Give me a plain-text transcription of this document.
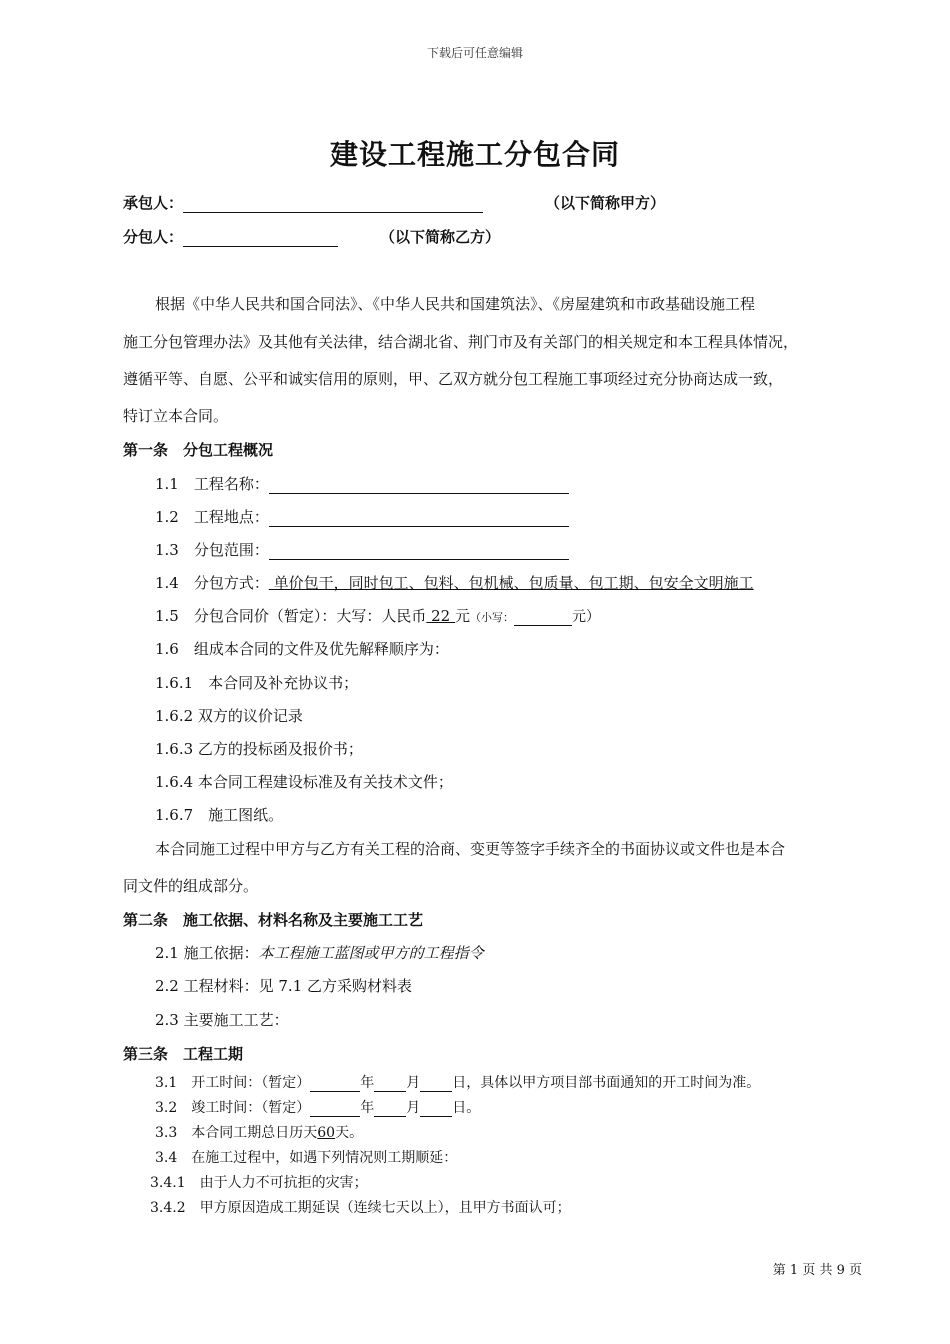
下载后可任意编辑
建设工程施工分包合同
承包人：	（以下简称甲方）
分包人：	（以下简称乙方）
根据《中华人民共和国合同法》、《中华人民共和国建筑法》、《房屋建筑和市政基础设施工程
施工分包管理办法》及其他有关法律，结合湖北省、荆门市及有关部门的相关规定和本工程具体情况，
遵循平等、自愿、公平和诚实信用的原则，甲、乙双方就分包工程施工事项经过充分协商达成一致，
特订立本合同。
第一条　分包工程概况
1.1　工程名称：
1.2　工程地点：
1.3　分包范围：
1.4　分包方式： 单价包干，同时包工、包料、包机械、包质量、包工期、包安全文明施工
1.5　分包合同价（暂定）：大写：人民币 22 元（小写：	元）
1.6　组成本合同的文件及优先解释顺序为：
1.6.1　本合同及补充协议书；
1.6.2 双方的议价记录
1.6.3 乙方的投标函及报价书；
1.6.4 本合同工程建设标准及有关技术文件；
1.6.7　施工图纸。
本合同施工过程中甲方与乙方有关工程的洽商、变更等签字手续齐全的书面协议或文件也是本合
同文件的组成部分。
第二条　施工依据、材料名称及主要施工工艺
2.1 施工依据：本工程施工蓝图或甲方的工程指令
2.2 工程材料：见 7.1 乙方采购材料表
2.3 主要施工工艺：
第三条　工程工期
3.1　开工时间：（暂定）	年 月 日，具体以甲方项目部书面通知的开工时间为准。
3.2　竣工时间：（暂定）	年 月 日。
3.3　本合同工期总日历天60天。
3.4　在施工过程中，如遇下列情况则工期顺延：
3.4.1　由于人力不可抗拒的灾害；
3.4.2　甲方原因造成工期延误（连续七天以上），且甲方书面认可；
第 1 页 共 9 页
